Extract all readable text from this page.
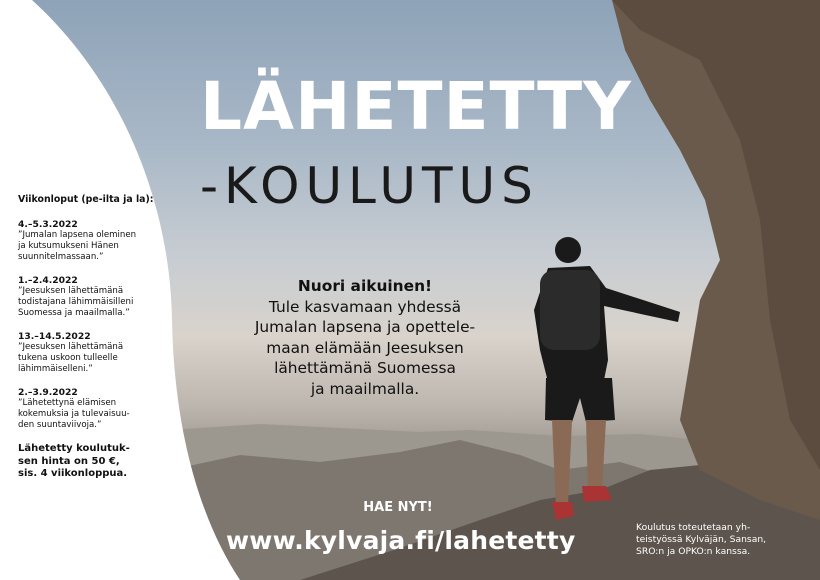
LÄHETETTY
-KOULUTUS
Viikonloput (pe-ilta ja la):
4.–5.3.2022
”Jumalan lapsena oleminen
ja kutsumukseni Hänen
suunnitelmassaan.”
1.–2.4.2022
”Jeesuksen lähettämänä
todistajana lähimmäisilleni
Suomessa ja maailmalla.”
13.–14.5.2022
”Jeesuksen lähettämänä
tukena uskoon tulleelle
lähimmäiselleni.”
2.–3.9.2022
”Lähetettynä elämisen
kokemuksia ja tulevaisuu-
den suuntaviivoja.”
Lähetetty koulutuk-
sen hinta on 50 €,
sis. 4 viikonloppua.
Nuori aikuinen!
Tule kasvamaan yhdessä
Jumalan lapsena ja opettele-
maan elämään Jeesuksen
lähettämänä Suomessa
ja maailmalla.
HAE NYT!
www.kylvaja.fi/lahetetty	Koulutus toteutetaan yh-
teistyössä Kylväjän, Sansan,
SRO:n ja OPKO:n kanssa.
